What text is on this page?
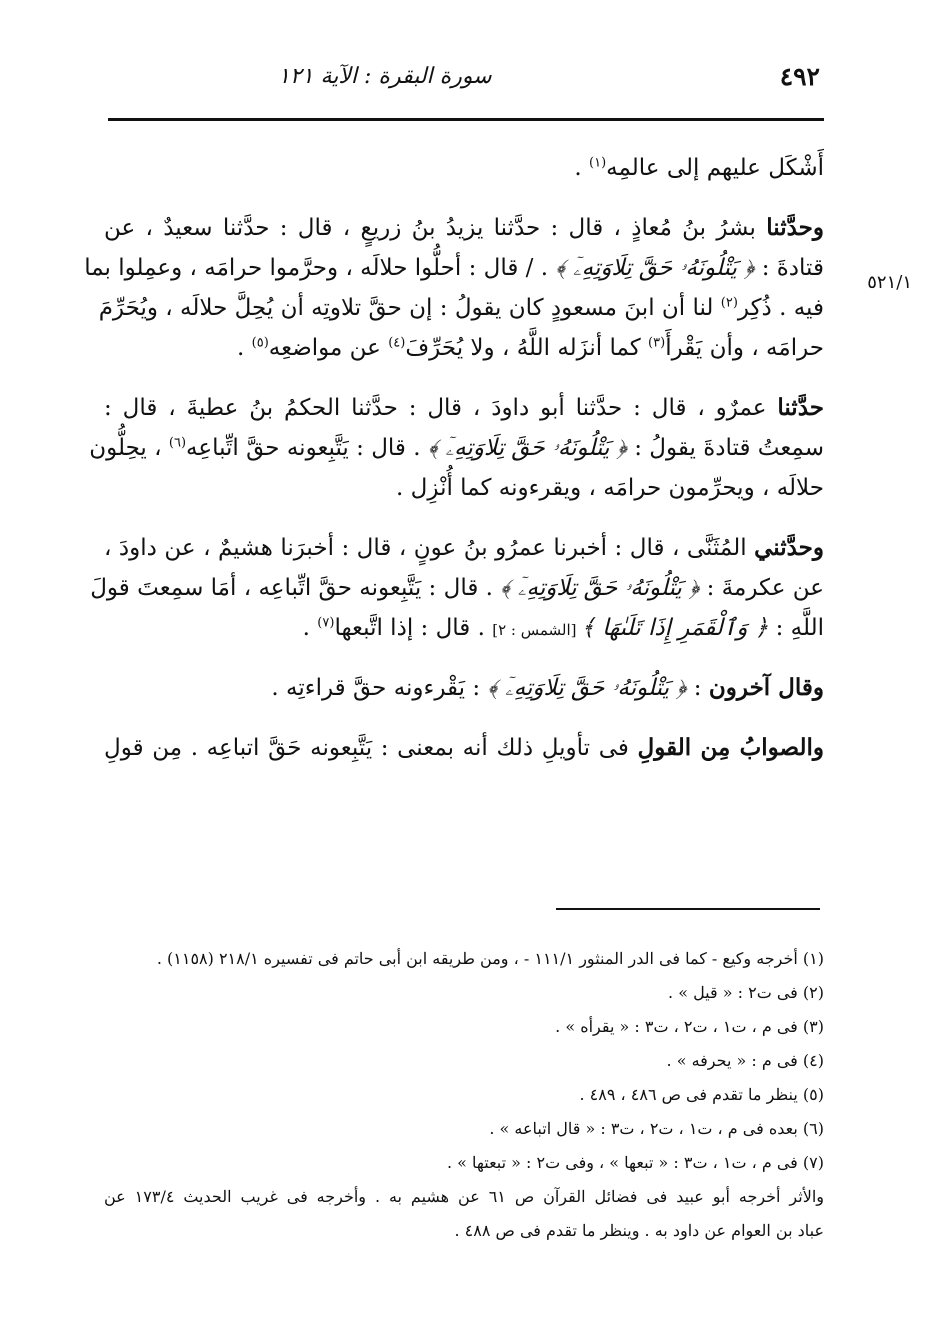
٤٩٢
سورة البقرة : الآية ١٢١
٥٢١/١
أَشْكَل عليهم إلى عالمِه$^{(١)}$ .
وحدَّثنا بشرُ بنُ مُعاذٍ ، قال : حدَّثنا يزيدُ بنُ زريعٍ ، قال : حدَّثنا سعيدٌ ، عن
قتادةَ : ﴿ يَتْلُونَهُۥ حَقَّ تِلَاوَتِهِۦٓ ﴾ . / قال : أحلُّوا حلالَه ، وحرَّموا حرامَه ، وعمِلوا بما
فيه . ذُكِر$^{(٢)}$ لنا أن ابنَ مسعودٍ كان يقولُ : إن حقَّ تلاوتِه أن يُحِلَّ حلالَه ، ويُحَرِّمَ
حرامَه ، وأن يَقْرأَ$^{(٣)}$ كما أنزَله اللَّهُ ، ولا يُحَرِّفَ$^{(٤)}$ عن مواضعِه$^{(٥)}$ .
حدَّثنا عمرٌو ، قال : حدَّثنا أبو داودَ ، قال : حدَّثنا الحكمُ بنُ عطيةَ ، قال :
سمِعتُ قتادةَ يقولُ : ﴿ يَتْلُونَهُۥ حَقَّ تِلَاوَتِهِۦٓ ﴾ . قال : يَتَّبِعونه حقَّ اتِّباعِه$^{(٦)}$ ، يحِلُّون
حلالَه ، ويحرِّمون حرامَه ، ويقرءونه كما أُنْزِل .
وحدَّثني المُثَنَّى ، قال : أخبرنا عمرُو بنُ عونٍ ، قال : أخبرَنا هشيمٌ ، عن داودَ ،
عن عكرمةَ : ﴿ يَتْلُونَهُۥ حَقَّ تِلَاوَتِهِۦٓ ﴾ . قال : يَتَّبِعونه حقَّ اتِّباعِه ، أمَا سمِعتَ قولَ
اللَّهِ : ﴿ وَٱلْقَمَرِ إِذَا تَلَىٰهَا ﴾ [الشمس : ٢] . قال : إذا اتَّبعها$^{(٧)}$ .
وقال آخرون : ﴿ يَتْلُونَهُۥ حَقَّ تِلَاوَتِهِۦٓ ﴾ : يَقْرءونه حقَّ قراءتِه .
والصوابُ مِن القولِ فى تأويلِ ذلك أنه بمعنى : يَتَّبِعونه حَقَّ اتباعِه . مِن قولِ
(١) أخرجه وكيع - كما فى الدر المنثور ١١١/١ - ، ومن طريقه ابن أبى حاتم فى تفسيره ٢١٨/١ (١١٥٨) .
(٢) فى ت٢ : « قيل » .
(٣) فى م ، ت١ ، ت٢ ، ت٣ : « يقرأه » .
(٤) فى م : « يحرفه » .
(٥) ينظر ما تقدم فى ص ٤٨٦ ، ٤٨٩ .
(٦) بعده فى م ، ت١ ، ت٢ ، ت٣ : « قال اتباعه » .
(٧) فى م ، ت١ ، ت٣ : « تبعها » ، وفى ت٢ : « تبعتها » .
والأثر أخرجه أبو عبيد فى فضائل القرآن ص ٦١ عن هشيم به . وأخرجه فى غريب الحديث ١٧٣/٤ عن
عباد بن العوام عن داود به . وينظر ما تقدم فى ص ٤٨٨ .
